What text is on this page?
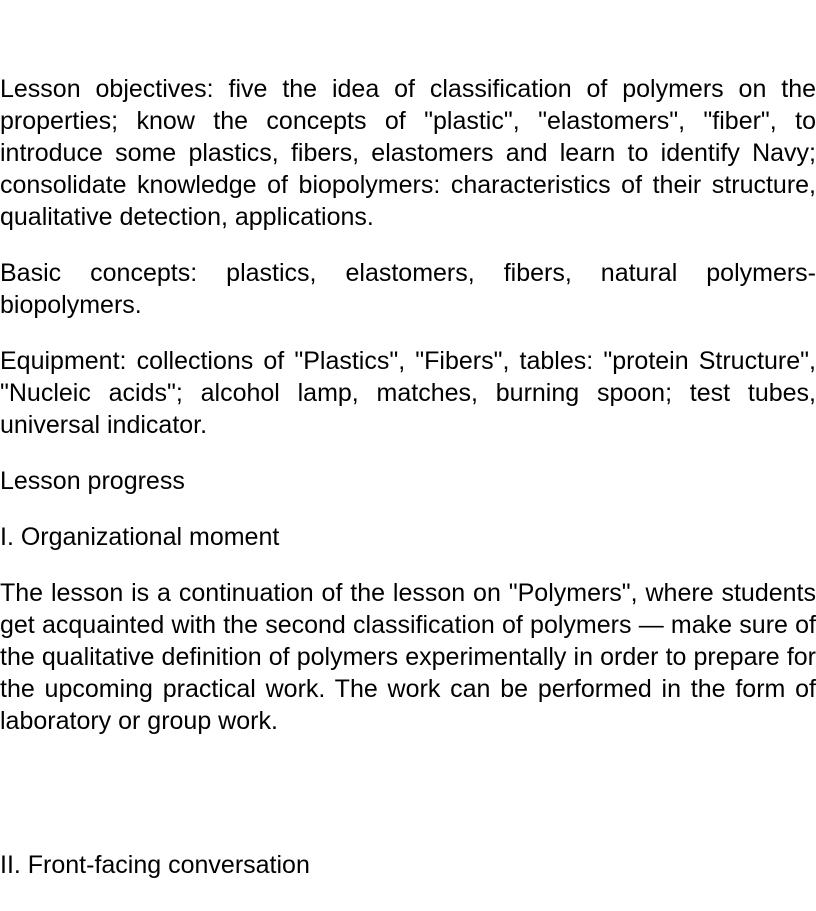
Lesson objectives: five the idea of classification of polymers on the properties; know the concepts of "plastic", "elastomers", "fiber", to introduce some plastics, fibers, elastomers and learn to identify Navy; consolidate knowledge of biopolymers: characteristics of their structure, qualitative detection, applications.

Basic concepts: plastics, elastomers, fibers, natural polymers-biopolymers.

Equipment: collections of "Plastics", "Fibers", tables: "protein Structure", "Nucleic acids"; alcohol lamp, matches, burning spoon; test tubes, universal indicator.

Lesson progress

I. Organizational moment

The lesson is a continuation of the lesson on "Polymers", where students get acquainted with the second classification of polymers — make sure of the qualitative definition of polymers experimentally in order to prepare for the upcoming practical work. The work can be performed in the form of laboratory or group work.

II. Front-facing conversation
